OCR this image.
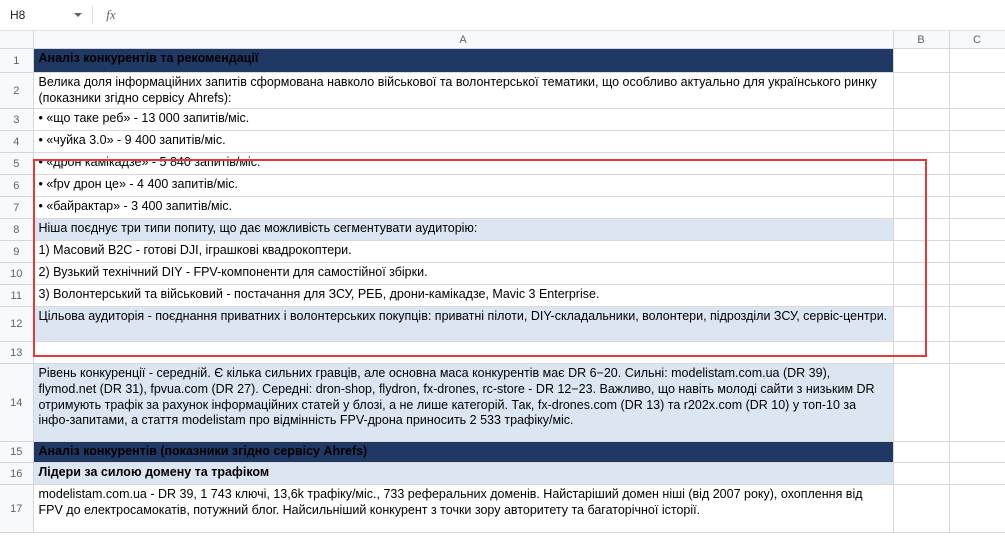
H8	fx
	A	B	C
1	Аналіз конкурентів та рекомендації		
2	Велика доля інформаційних запитів сформована навколо військової та волонтерської тематики, що особливо актуально для українського ринку (показники згідно сервісу Ahrefs):		
3	• «що таке реб» - 13 000 запитів/міс.		
4	• «чуйка 3.0» - 9 400 запитів/міс.		
5	• «дрон камікадзе» - 5 840 запитів/міс.		
6	• «fpv дрон це» - 4 400 запитів/міс.		
7	• «байрактар» - 3 400 запитів/міс.		
8	Ніша поєднує три типи попиту, що дає можливість сегментувати аудиторію:		
9	1) Масовий B2C - готові DJI, іграшкові квадрокоптери.		
10	2) Вузький технічний DIY - FPV-компоненти для самостійної збірки.		
11	3) Волонтерський та військовий - постачання для ЗСУ, РЕБ, дрони-камікадзе, Mavic 3 Enterprise.		
12	Цільова аудиторія - поєднання приватних і волонтерських покупців: приватні пілоти, DIY-складальники, волонтери, підрозділи ЗСУ, сервіс-центри.		
13			
14	Рівень конкуренції - середній. Є кілька сильних гравців, але основна маса конкурентів має DR 6−20. Сильні: modelistam.com.ua (DR 39), flymod.net (DR 31), fpvua.com (DR 27). Середні: dron-shop, flydron, fx-drones, rc-store - DR 12−23. Важливо, що навіть молоді сайти з низьким DR отримують трафік за рахунок інформаційних статей у блозі, а не лише категорій. Так, fx-drones.com (DR 13) та r202x.com (DR 10) у топ-10 за інфо-запитами, а стаття modelistam про відмінність FPV-дрона приносить 2 533 трафіку/міс.		
15	Аналіз конкурентів (показники згідно сервісу Ahrefs)		
16	Лідери за силою домену та трафіком		
17	modelistam.com.ua - DR 39, 1 743 ключі, 13,6k трафіку/міс., 733 реферальних доменів. Найстаріший домен ніші (від 2007 року), охоплення від FPV до електросамокатів, потужний блог. Найсильніший конкурент з точки зору авторитету та багаторічної історії.		
